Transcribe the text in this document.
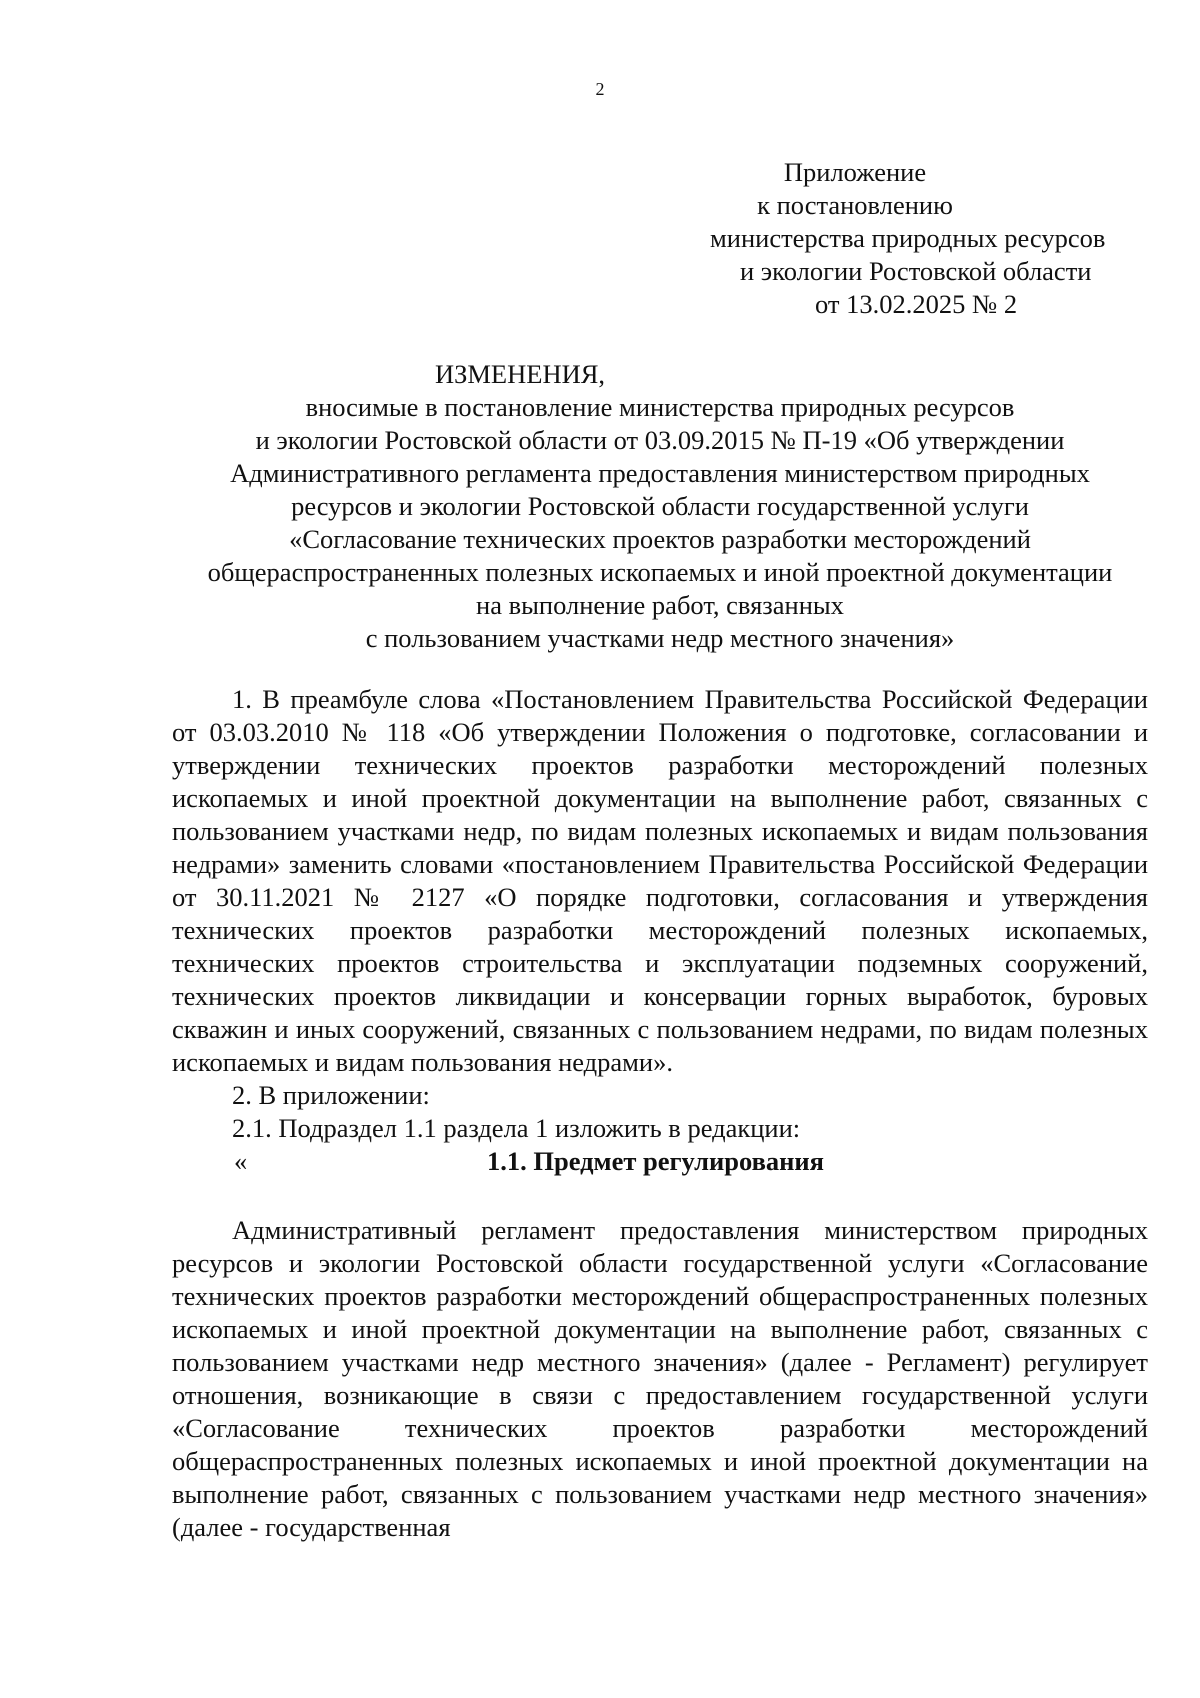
2
Приложение
к постановлению
министерства природных ресурсов
и экологии Ростовской области
от 13.02.2025 № 2
ИЗМЕНЕНИЯ,
вносимые в постановление министерства природных ресурсов
и экологии Ростовской области от 03.09.2015 № П-19 «Об утверждении
Административного регламента предоставления министерством природных
ресурсов и экологии Ростовской области государственной услуги
«Согласование технических проектов разработки месторождений
общераспространенных полезных ископаемых и иной проектной документации
на выполнение работ, связанных
с пользованием участками недр местного значения»

1. В преамбуле слова «Постановлением Правительства Российской Федерации от 03.03.2010 № 118 «Об утверждении Положения о подготовке, согласовании и утверждении технических проектов разработки месторождений полезных ископаемых и иной проектной документации на выполнение работ, связанных с пользованием участками недр, по видам полезных ископаемых и видам пользования недрами» заменить словами «постановлением Правительства Российской Федерации от 30.11.2021 № 2127 «О порядке подготовки, согласования и утверждения технических проектов разработки месторождений полезных ископаемых, технических проектов строительства и эксплуатации подземных сооружений, технических проектов ликвидации и консервации горных выработок, буровых скважин и иных сооружений, связанных с пользованием недрами, по видам полезных ископаемых и видам пользования недрами».

2. В приложении:

2.1. Подраздел 1.1 раздела 1 изложить в редакции:

«	1.1. Предмет регулирования

Административный регламент предоставления министерством природных ресурсов и экологии Ростовской области государственной услуги «Согласование технических проектов разработки месторождений общераспространенных полезных ископаемых и иной проектной документации на выполнение работ, связанных с пользованием участками недр местного значения» (далее - Регламент) регулирует отношения, возникающие в связи с предоставлением государственной услуги «Согласование технических проектов разработки месторождений общераспространенных полезных ископаемых и иной проектной документации на выполнение работ, связанных с пользованием участками недр местного значения» (далее - государственная
